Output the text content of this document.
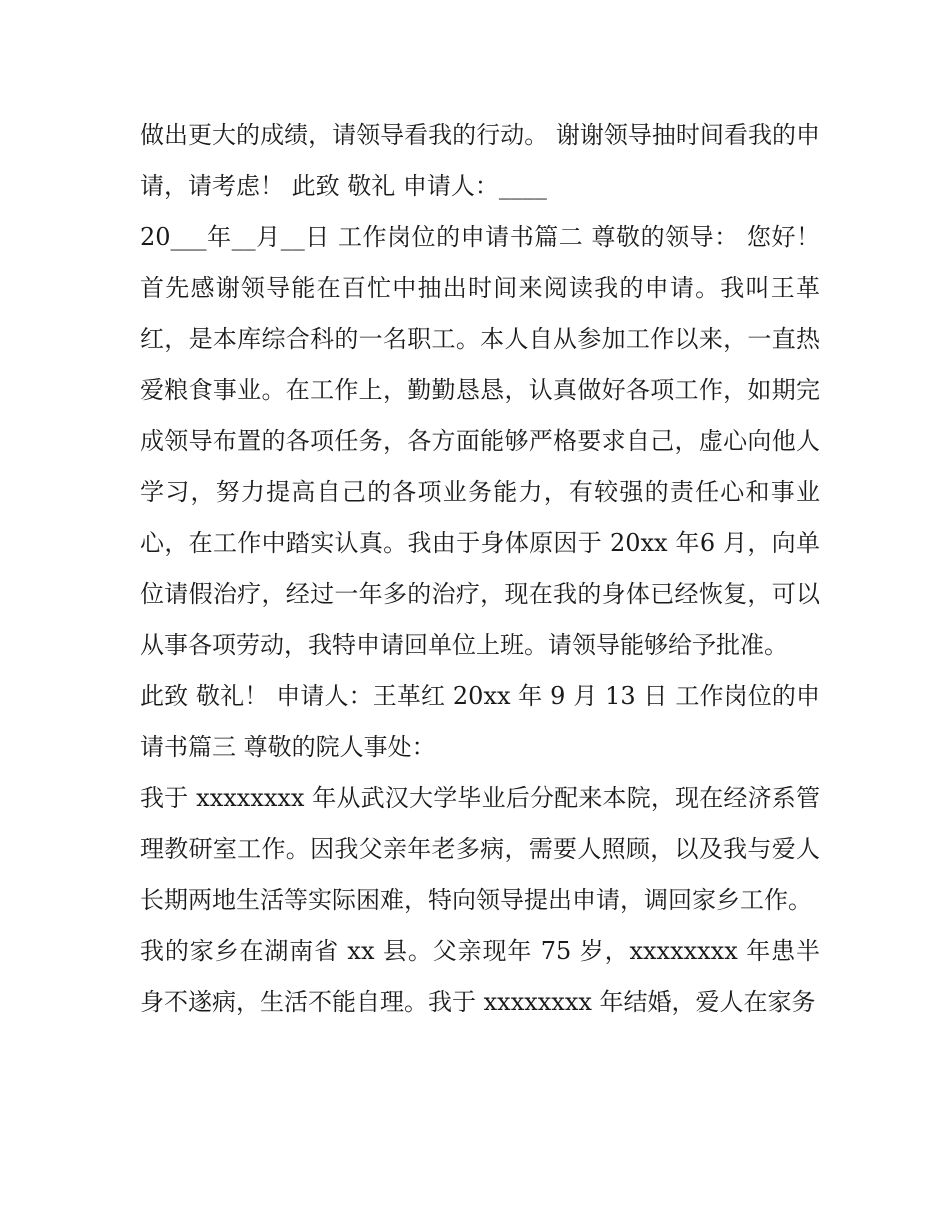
做出更大的成绩，请领导看我的行动。 谢谢领导抽时间看我的申请，请考虑！ 此致 敬礼 申请人：____

20___年__月__日 工作岗位的申请书篇二 尊敬的领导： 您好！首先感谢领导能在百忙中抽出时间来阅读我的申请。我叫王革红，是本库综合科的一名职工。本人自从参加工作以来，一直热爱粮食事业。在工作上，勤勤恳恳，认真做好各项工作，如期完成领导布置的各项任务，各方面能够严格要求自己，虚心向他人学习，努力提高自己的各项业务能力，有较强的责任心和事业心，在工作中踏实认真。我由于身体原因于 20xx 年6 月，向单位请假治疗，经过一年多的治疗，现在我的身体已经恢复，可以从事各项劳动，我特申请回单位上班。请领导能够给予批准。

此致 敬礼！ 申请人：王革红 20xx 年 9 月 13 日 工作岗位的申请书篇三 尊敬的院人事处：

我于 xxxxxxxx 年从武汉大学毕业后分配来本院，现在经济系管理教研室工作。因我父亲年老多病，需要人照顾，以及我与爱人长期两地生活等实际困难，特向领导提出申请，调回家乡工作。

我的家乡在湖南省 xx 县。父亲现年 75 岁，xxxxxxxx 年患半身不遂病，生活不能自理。我于 xxxxxxxx 年结婚，爱人在家务
